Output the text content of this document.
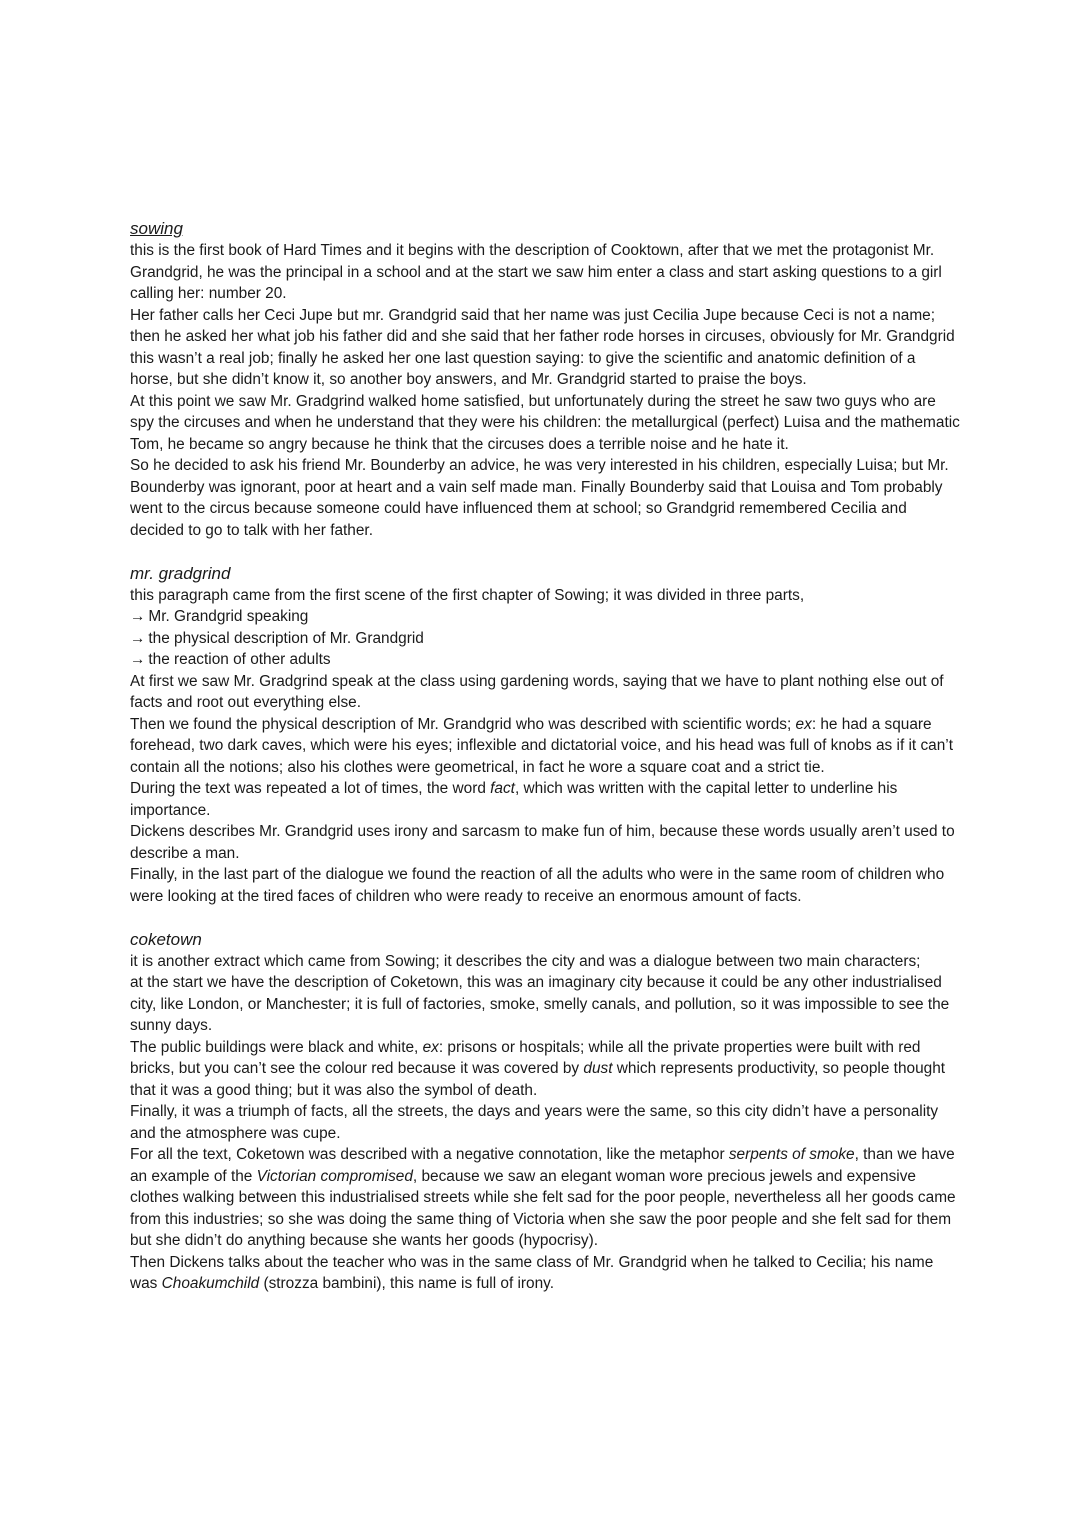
sowing

this is the first book of Hard Times and it begins with the description of Cooktown, after that we met the protagonist Mr. Grandgrid, he was the principal in a school and at the start we saw him enter a class and start asking questions to a girl calling her: number 20.

Her father calls her Ceci Jupe but mr. Grandgrid said that her name was just Cecilia Jupe because Ceci is not a name; then he asked her what job his father did and she said that her father rode horses in circuses, obviously for Mr. Grandgrid this wasn’t a real job; finally he asked her one last question saying: to give the scientific and anatomic definition of a horse, but she didn’t know it, so another boy answers, and Mr. Grandgrid started to praise the boys.

At this point we saw Mr. Gradgrind walked home satisfied, but unfortunately during the street he saw two guys who are spy the circuses and when he understand that they were his children: the metallurgical (perfect) Luisa and the mathematic Tom, he became so angry because he think that the circuses does a terrible noise and he hate it.

So he decided to ask his friend Mr. Bounderby an advice, he was very interested in his children, especially Luisa; but Mr. Bounderby was ignorant, poor at heart and a vain self made man. Finally Bounderby said that Louisa and Tom probably went to the circus because someone could have influenced them at school; so Grandgrid remembered Cecilia and decided to go to talk with her father.

mr. gradgrind

this paragraph came from the first scene of the first chapter of Sowing; it was divided in three parts,

→ Mr. Grandgrid speaking
→ the physical description of Mr. Grandgrid
→ the reaction of other adults

At first we saw Mr. Gradgrind speak at the class using gardening words, saying that we have to plant nothing else out of facts and root out everything else.

Then we found the physical description of Mr. Grandgrid who was described with scientific words; ex: he had a square forehead, two dark caves, which were his eyes; inflexible and dictatorial voice, and his head was full of knobs as if it can’t contain all the notions; also his clothes were geometrical, in fact he wore a square coat and a strict tie.

During the text was repeated a lot of times, the word fact, which was written with the capital letter to underline his importance.

Dickens describes Mr. Grandgrid uses irony and sarcasm to make fun of him, because these words usually aren’t used to describe a man.

Finally, in the last part of the dialogue we found the reaction of all the adults who were in the same room of children who were looking at the tired faces of children who were ready to receive an enormous amount of facts.

coketown

it is another extract which came from Sowing; it describes the city and was a dialogue between two main characters;

at the start we have the description of Coketown, this was an imaginary city because it could be any other industrialised city, like London, or Manchester; it is full of factories, smoke, smelly canals, and pollution, so it was impossible to see the sunny days.

The public buildings were black and white, ex: prisons or hospitals; while all the private properties were built with red bricks, but you can’t see the colour red because it was covered by dust which represents productivity, so people thought that it was a good thing; but it was also the symbol of death.

Finally, it was a triumph of facts, all the streets, the days and years were the same, so this city didn’t have a personality and the atmosphere was cupe.

For all the text, Coketown was described with a negative connotation, like the metaphor serpents of smoke, than we have an example of the Victorian compromised, because we saw an elegant woman wore precious jewels and expensive clothes walking between this industrialised streets while she felt sad for the poor people, nevertheless all her goods came from this industries; so she was doing the same thing of Victoria when she saw the poor people and she felt sad for them but she didn’t do anything because she wants her goods (hypocrisy).

Then Dickens talks about the teacher who was in the same class of Mr. Grandgrid when he talked to Cecilia; his name was Choakumchild (strozza bambini), this name is full of irony.
